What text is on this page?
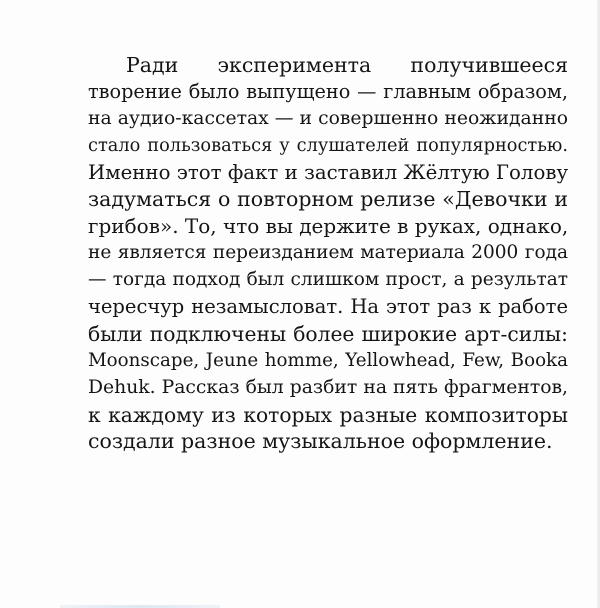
Ради эксперимента получившееся
творение было выпущено — главным образом,
на аудио-кассетах — и совершенно неожиданно
стало пользоваться у слушателей популярностью.
Именно этот факт и заставил Жёлтую Голову
задуматься о повторном релизе «Девочки и
грибов». То, что вы держите в руках, однако,
не является переизданием материала 2000 года
— тогда подход был слишком прост, а результат
чересчур незамысловат. На этот раз к работе
были подключены более широкие арт-силы:
Moonscape, Jeune homme, Yellowhead, Few, Booka
Dehuk. Рассказ был разбит на пять фрагментов,
к каждому из которых разные композиторы
создали разное музыкальное оформление.
